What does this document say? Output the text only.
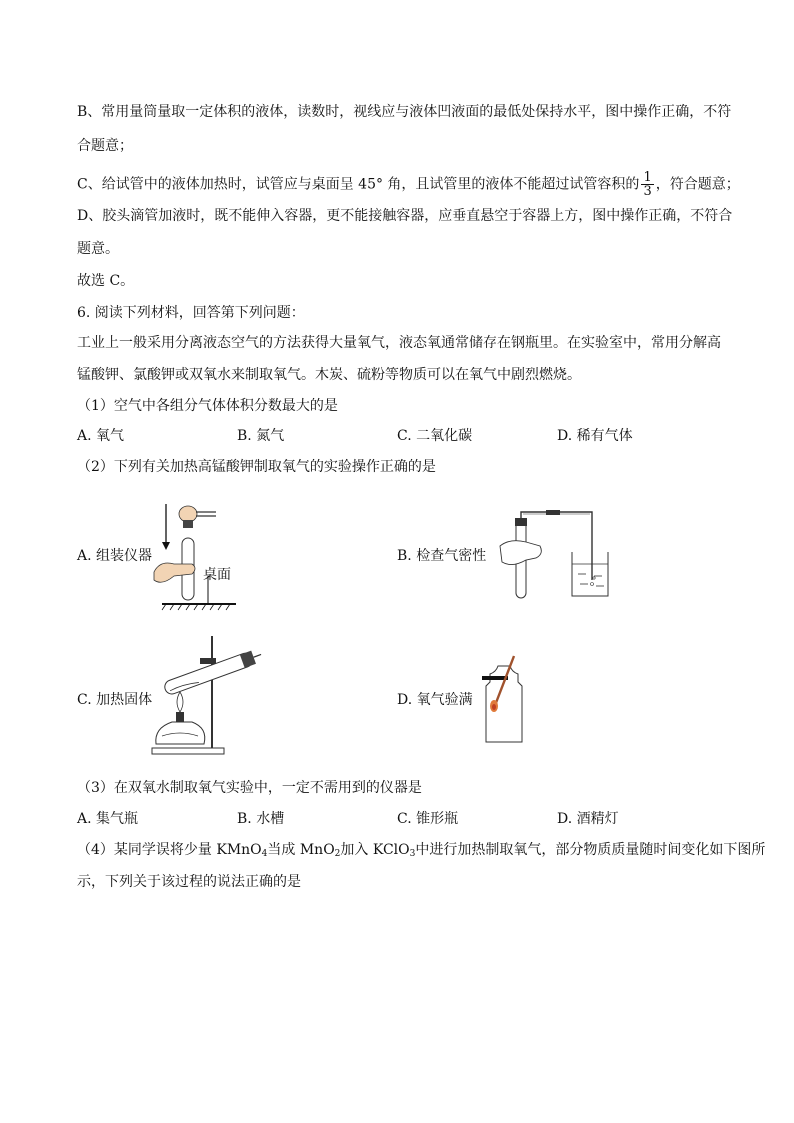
B、常用量筒量取一定体积的液体，读数时，视线应与液体凹液面的最低处保持水平，图中操作正确，不符
合题意；
C、给试管中的液体加热时，试管应与桌面呈 45° 角，且试管里的液体不能超过试管容积的 $\frac{1}{3}$ ，符合题意；
D、胶头滴管加液时，既不能伸入容器，更不能接触容器，应垂直悬空于容器上方，图中操作正确，不符合
题意。
故选 C。
6. 阅读下列材料，回答第下列问题：
工业上一般采用分离液态空气的方法获得大量氧气，液态氧通常储存在钢瓶里。在实验室中，常用分解高
锰酸钾、氯酸钾或双氧水来制取氧气。木炭、硫粉等物质可以在氧气中剧烈燃烧。
（1）空气中各组分气体体积分数最大的是
A. 氧气	B. 氮气	C. 二氧化碳	D. 稀有气体
（2）下列有关加热高锰酸钾制取氧气的实验操作正确的是
A. 组装仪器
桌面
B. 检查气密性
C. 加热固体	D. 氧气验满
（3）在双氧水制取氧气实验中，一定不需用到的仪器是
A. 集气瓶	B. 水槽	C. 锥形瓶	D. 酒精灯
（4）某同学误将少量 KMnO$_4$当成 MnO$_2$加入 KClO$_3$中进行加热制取氧气，部分物质质量随时间变化如下图所
示，下列关于该过程的说法正确的是
